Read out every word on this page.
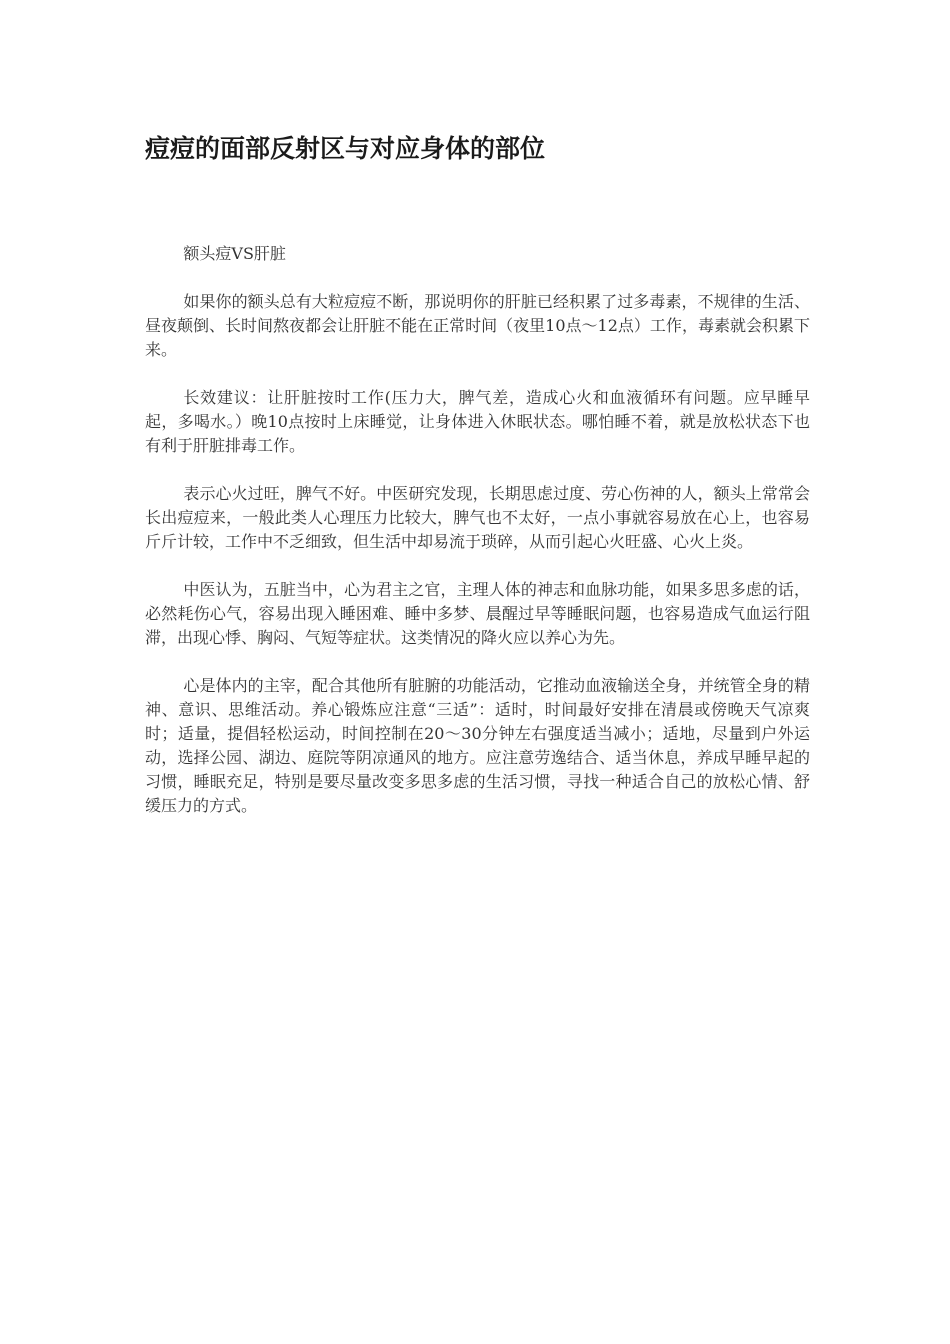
痘痘的面部反射区与对应身体的部位

额头痘VS肝脏

如果你的额头总有大粒痘痘不断，那说明你的肝脏已经积累了过多毒素，不规律的生活、昼夜颠倒、长时间熬夜都会让肝脏不能在正常时间（夜里10点～12点）工作，毒素就会积累下来。

长效建议：让肝脏按时工作(压力大，脾气差，造成心火和血液循环有问题。应早睡早起，多喝水。）晚10点按时上床睡觉，让身体进入休眠状态。哪怕睡不着，就是放松状态下也有利于肝脏排毒工作。

表示心火过旺，脾气不好。中医研究发现，长期思虑过度、劳心伤神的人，额头上常常会长出痘痘来，一般此类人心理压力比较大，脾气也不太好，一点小事就容易放在心上，也容易斤斤计较，工作中不乏细致，但生活中却易流于琐碎，从而引起心火旺盛、心火上炎。

中医认为，五脏当中，心为君主之官，主理人体的神志和血脉功能，如果多思多虑的话，必然耗伤心气，容易出现入睡困难、睡中多梦、晨醒过早等睡眠问题，也容易造成气血运行阻滞，出现心悸、胸闷、气短等症状。这类情况的降火应以养心为先。

心是体内的主宰，配合其他所有脏腑的功能活动，它推动血液输送全身，并统管全身的精神、意识、思维活动。养心锻炼应注意“三适”：适时，时间最好安排在清晨或傍晚天气凉爽时；适量，提倡轻松运动，时间控制在20～30分钟左右强度适当减小；适地，尽量到户外运动，选择公园、湖边、庭院等阴凉通风的地方。应注意劳逸结合、适当休息，养成早睡早起的习惯，睡眠充足，特别是要尽量改变多思多虑的生活习惯，寻找一种适合自己的放松心情、舒缓压力的方式。
